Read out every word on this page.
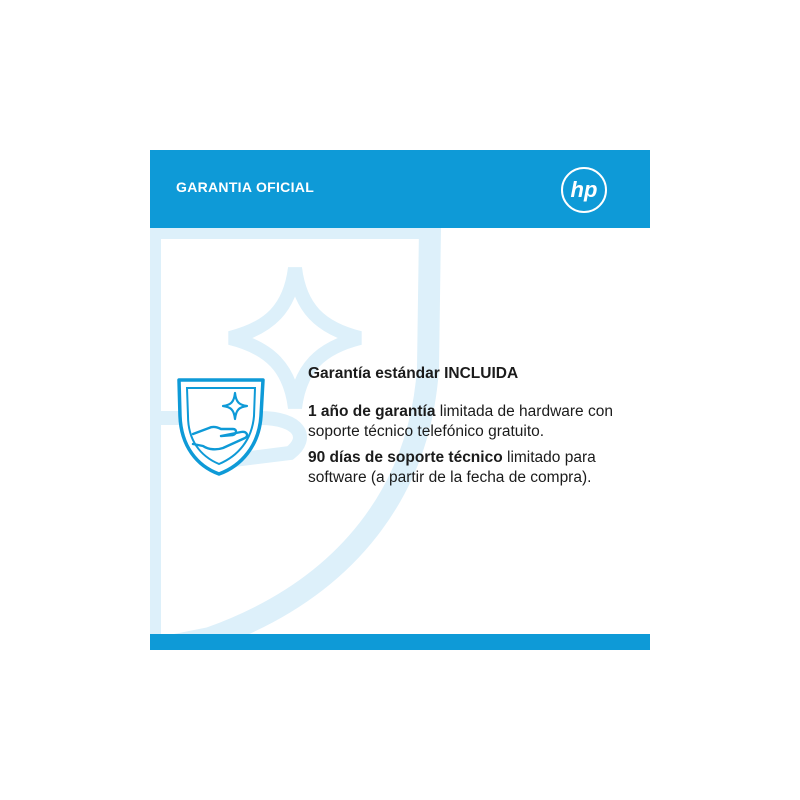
GARANTIA OFICIAL	hp

Garantía estándar INCLUIDA

1 año de garantía limitada de hardware con soporte técnico telefónico gratuito.

90 días de soporte técnico limitado para software (a partir de la fecha de compra).
